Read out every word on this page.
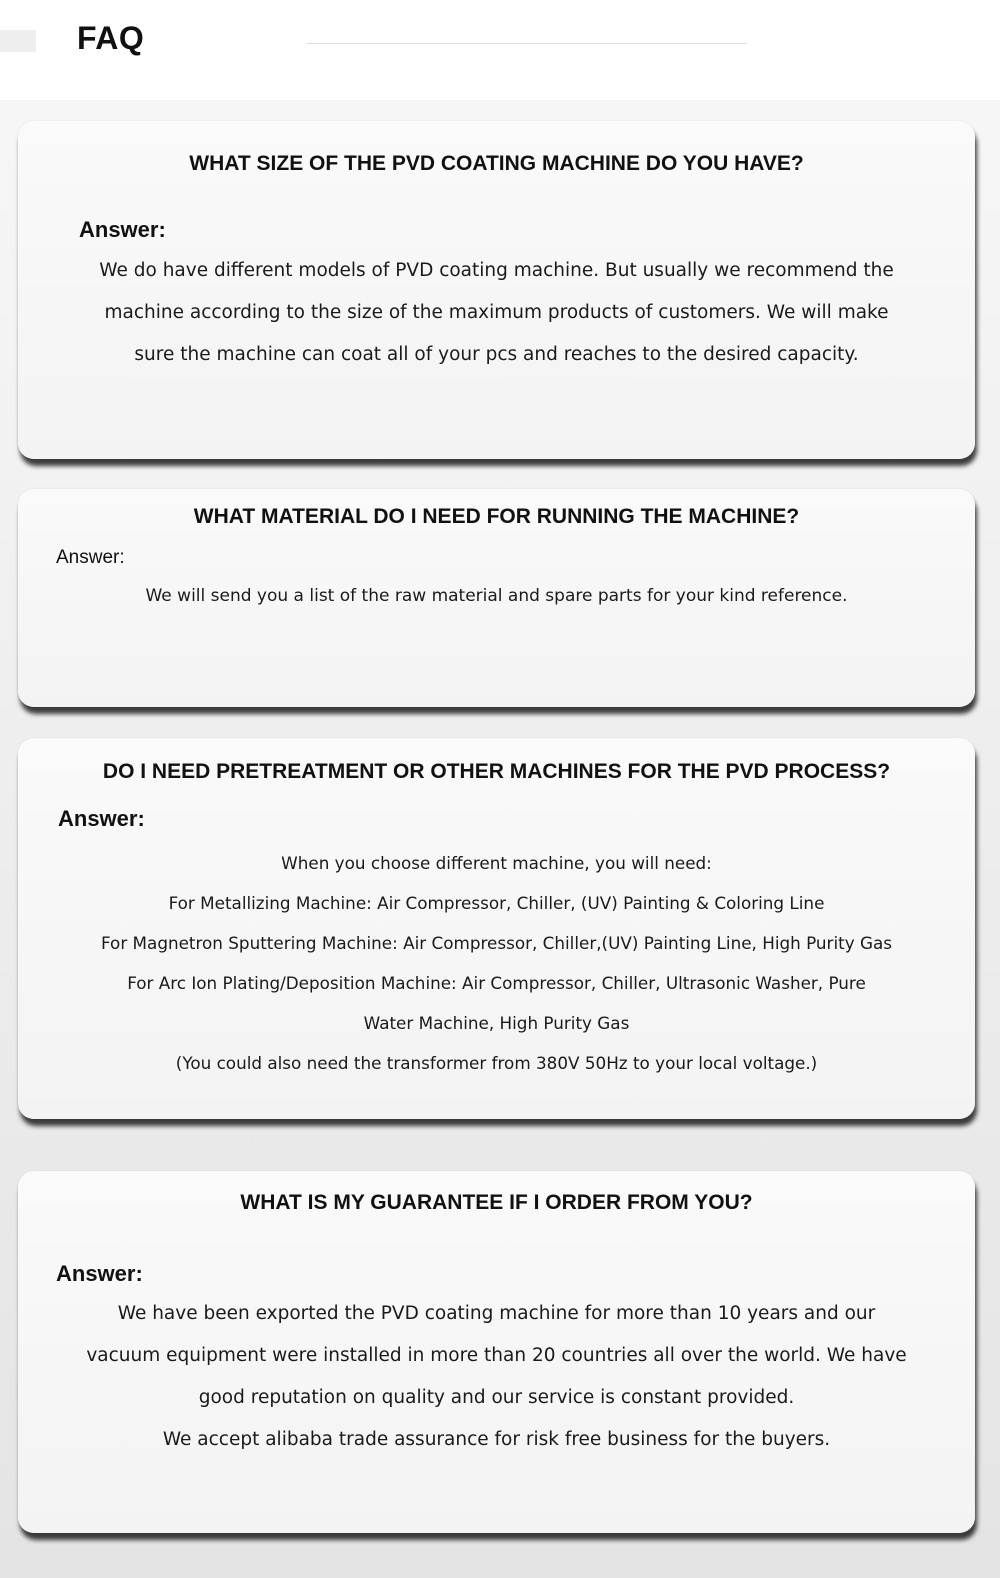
FAQ
WHAT SIZE OF THE PVD COATING MACHINE DO YOU HAVE?
Answer:

We do have different models of PVD coating machine. But usually we recommend the

machine according to the size of the maximum products of customers. We will make

sure the machine can coat all of your pcs and reaches to the desired capacity.

WHAT MATERIAL DO I NEED FOR RUNNING THE MACHINE?
Answer:

We will send you a list of the raw material and spare parts for your kind reference.

DO I NEED PRETREATMENT OR OTHER MACHINES FOR THE PVD PROCESS?
Answer:

When you choose different machine, you will need:

For Metallizing Machine: Air Compressor, Chiller, (UV) Painting & Coloring Line

For Magnetron Sputtering Machine: Air Compressor, Chiller,(UV) Painting Line, High Purity Gas

For Arc Ion Plating/Deposition Machine: Air Compressor, Chiller, Ultrasonic Washer, Pure

Water Machine, High Purity Gas

(You could also need the transformer from 380V 50Hz to your local voltage.)

WHAT IS MY GUARANTEE IF I ORDER FROM YOU?
Answer:

We have been exported the PVD coating machine for more than 10 years and our

vacuum equipment were installed in more than 20 countries all over the world. We have

good reputation on quality and our service is constant provided.

We accept alibaba trade assurance for risk free business for the buyers.
